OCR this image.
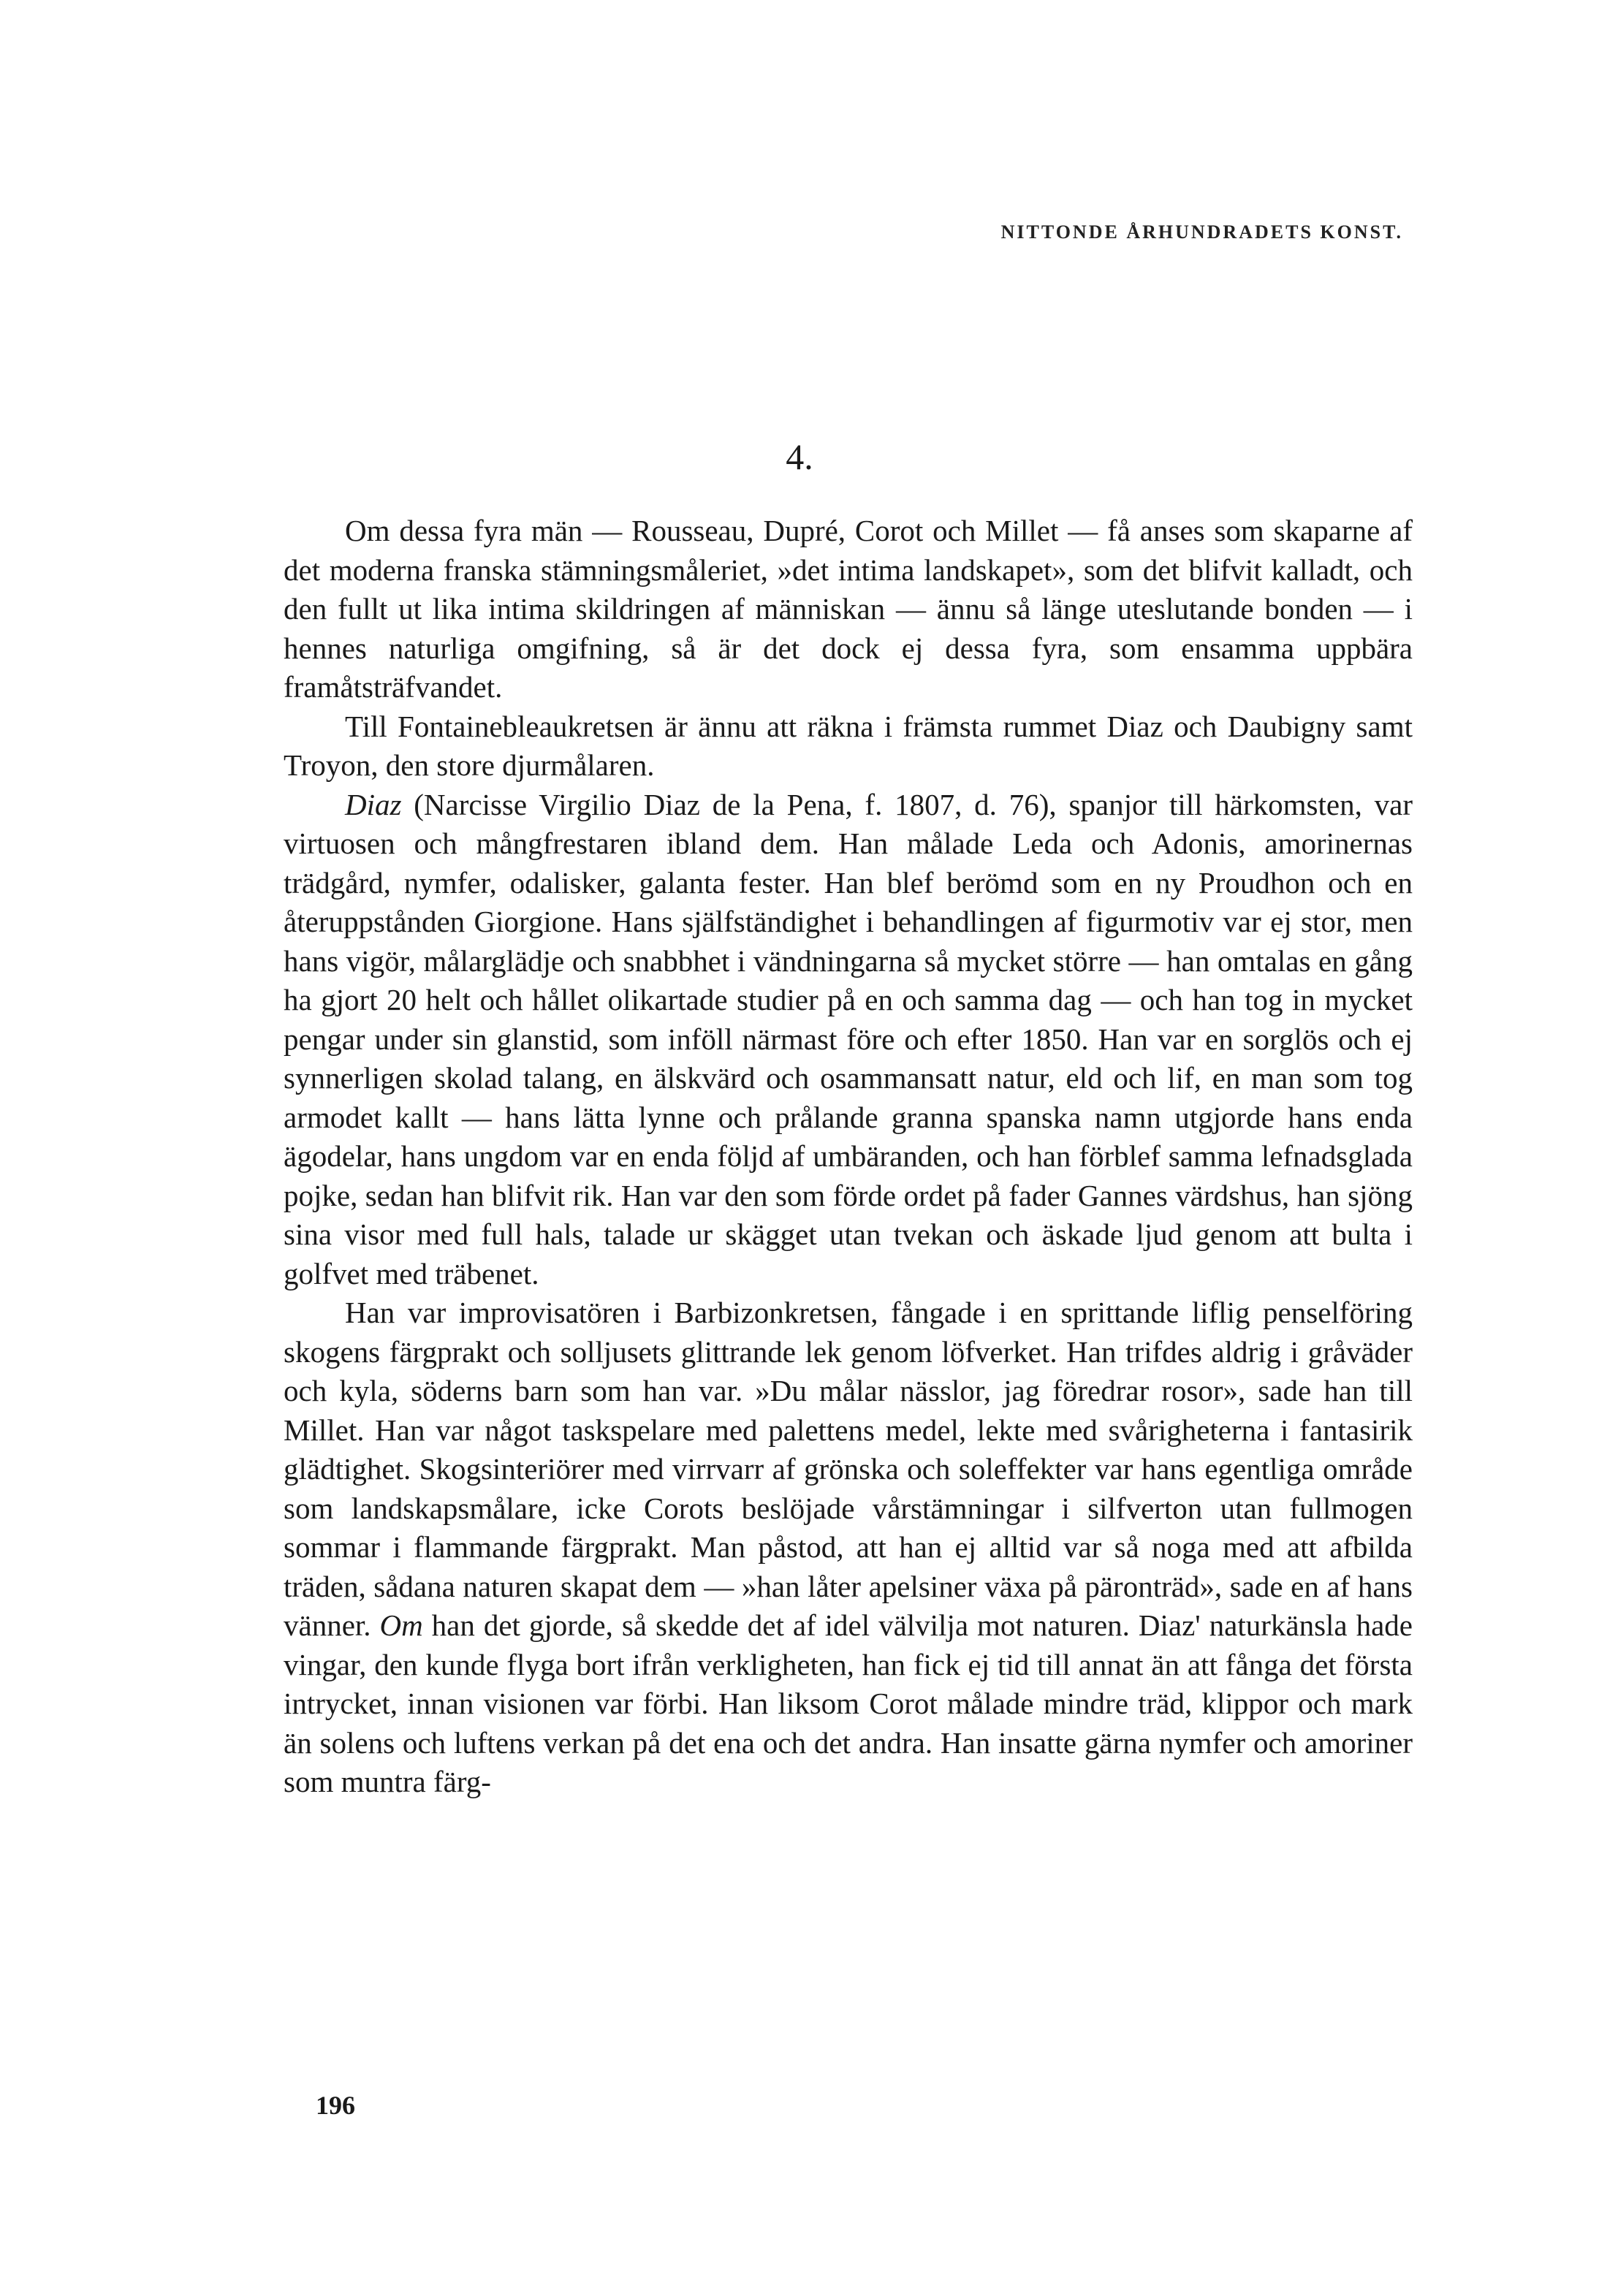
NITTONDE ÅRHUNDRADETS KONST.
4.

Om dessa fyra män — Rousseau, Dupré, Corot och Millet — få anses som skaparne af det moderna franska stämningsmåleriet, »det intima landskapet», som det blifvit kalladt, och den fullt ut lika intima skildringen af människan — ännu så länge uteslutande bonden — i hennes naturliga omgifning, så är det dock ej dessa fyra, som ensamma uppbära framåtsträfvandet.

Till Fontainebleaukretsen är ännu att räkna i främsta rummet Diaz och Daubigny samt Troyon, den store djurmålaren.

Diaz (Narcisse Virgilio Diaz de la Pena, f. 1807, d. 76), spanjor till härkomsten, var virtuosen och mångfrestaren ibland dem. Han målade Leda och Adonis, amorinernas trädgård, nymfer, odalisker, galanta fester. Han blef berömd som en ny Proudhon och en återuppstånden Giorgione. Hans själfständighet i behandlingen af figurmotiv var ej stor, men hans vigör, målarglädje och snabbhet i vändningarna så mycket större — han omtalas en gång ha gjort 20 helt och hållet olikartade studier på en och samma dag — och han tog in mycket pengar under sin glanstid, som inföll närmast före och efter 1850. Han var en sorglös och ej synnerligen skolad talang, en älskvärd och osammansatt natur, eld och lif, en man som tog armodet kallt — hans lätta lynne och prålande granna spanska namn utgjorde hans enda ägodelar, hans ungdom var en enda följd af umbäranden, och han förblef samma lefnadsglada pojke, sedan han blifvit rik. Han var den som förde ordet på fader Gannes värdshus, han sjöng sina visor med full hals, talade ur skägget utan tvekan och äskade ljud genom att bulta i golfvet med träbenet.

Han var improvisatören i Barbizonkretsen, fångade i en sprittande liflig penselföring skogens färgprakt och solljusets glittrande lek genom löfverket. Han trifdes aldrig i gråväder och kyla, söderns barn som han var. »Du målar nässlor, jag föredrar rosor», sade han till Millet. Han var något taskspelare med palettens medel, lekte med svårigheterna i fantasirik glädtighet. Skogsinteriörer med virrvarr af grönska och soleffekter var hans egentliga område som landskapsmålare, icke Corots beslöjade vårstämningar i silfverton utan fullmogen sommar i flammande färgprakt. Man påstod, att han ej alltid var så noga med att afbilda träden, sådana naturen skapat dem — »han låter apelsiner växa på päronträd», sade en af hans vänner. Om han det gjorde, så skedde det af idel välvilja mot naturen. Diaz' naturkänsla hade vingar, den kunde flyga bort ifrån verkligheten, han fick ej tid till annat än att fånga det första intrycket, innan visionen var förbi. Han liksom Corot målade mindre träd, klippor och mark än solens och luftens verkan på det ena och det andra. Han insatte gärna nymfer och amoriner som muntra färg-

196
